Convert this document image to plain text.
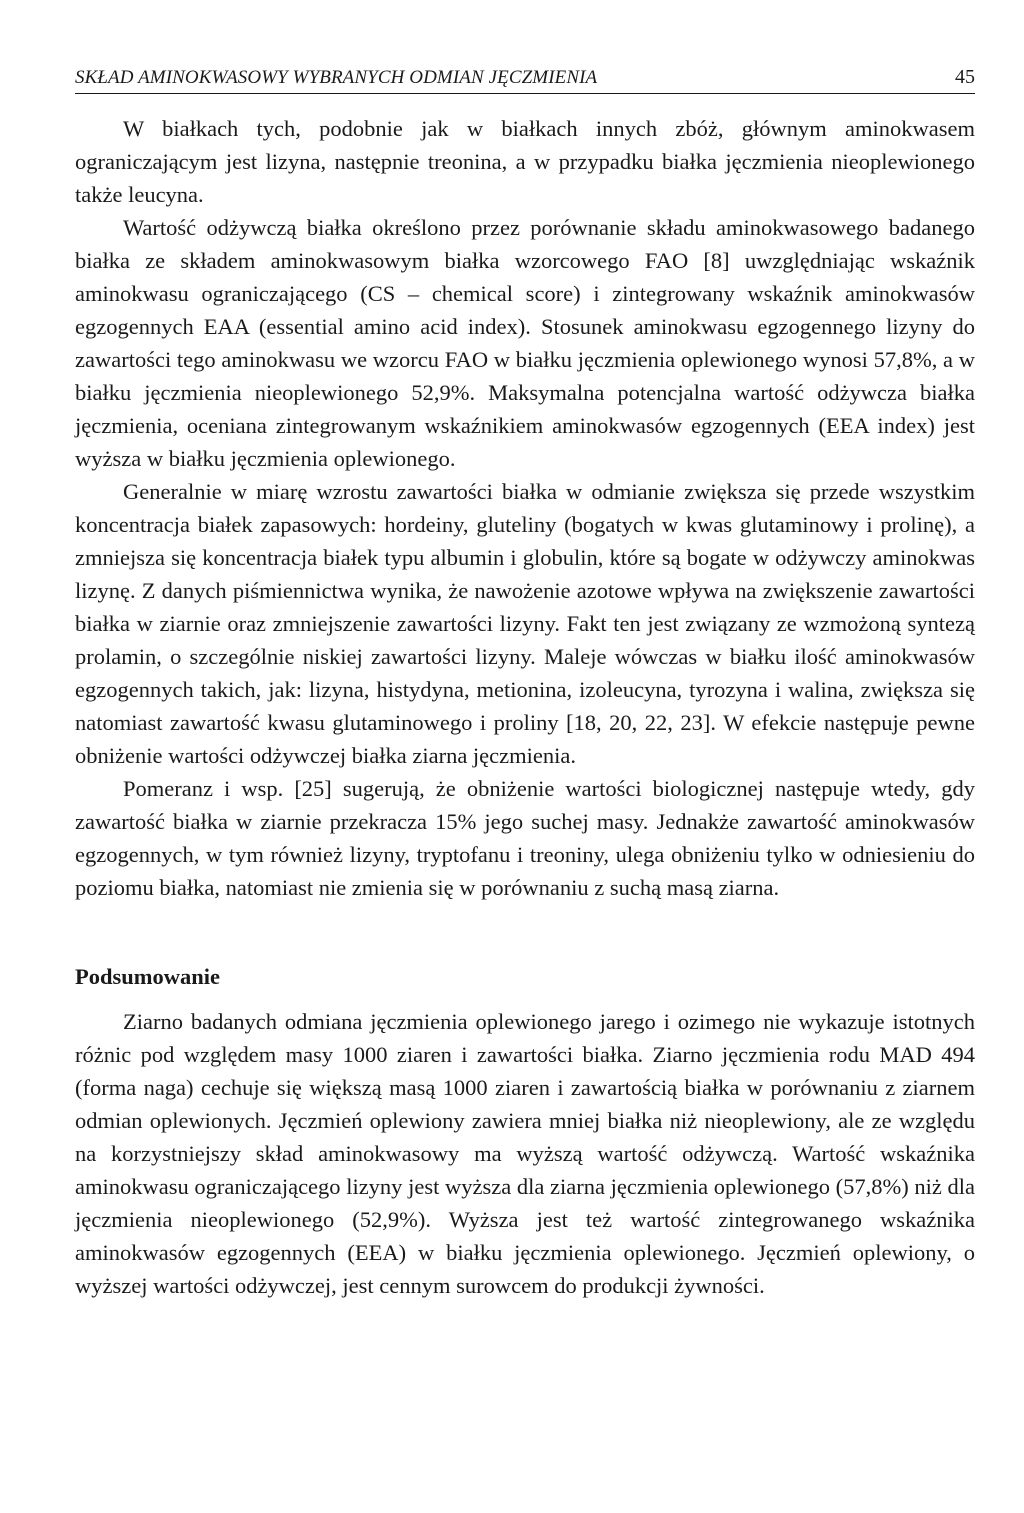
SKŁAD AMINOKWASOWY WYBRANYCH ODMIAN JĘCZMIENIA	45

W białkach tych, podobnie jak w białkach innych zbóż, głównym aminokwasem ograniczającym jest lizyna, następnie treonina, a w przypadku białka jęczmienia nieoplewionego także leucyna.

Wartość odżywczą białka określono przez porównanie składu aminokwasowego badanego białka ze składem aminokwasowym białka wzorcowego FAO [8] uwzględniając wskaźnik aminokwasu ograniczającego (CS – chemical score) i zintegrowany wskaźnik aminokwasów egzogennych EAA (essential amino acid index). Stosunek aminokwasu egzogennego lizyny do zawartości tego aminokwasu we wzorcu FAO w białku jęczmienia oplewionego wynosi 57,8%, a w białku jęczmienia nieoplewionego 52,9%. Maksymalna potencjalna wartość odżywcza białka jęczmienia, oceniana zintegrowanym wskaźnikiem aminokwasów egzogennych (EEA index) jest wyższa w białku jęczmienia oplewionego.

Generalnie w miarę wzrostu zawartości białka w odmianie zwiększa się przede wszystkim koncentracja białek zapasowych: hordeiny, gluteliny (bogatych w kwas glutaminowy i prolinę), a zmniejsza się koncentracja białek typu albumin i globulin, które są bogate w odżywczy aminokwas lizynę. Z danych piśmiennictwa wynika, że nawożenie azotowe wpływa na zwiększenie zawartości białka w ziarnie oraz zmniejszenie zawartości lizyny. Fakt ten jest związany ze wzmożoną syntezą prolamin, o szczególnie niskiej zawartości lizyny. Maleje wówczas w białku ilość aminokwasów egzogennych takich, jak: lizyna, histydyna, metionina, izoleucyna, tyrozyna i walina, zwiększa się natomiast zawartość kwasu glutaminowego i proliny [18, 20, 22, 23]. W efekcie następuje pewne obniżenie wartości odżywczej białka ziarna jęczmienia.

Pomeranz i wsp. [25] sugerują, że obniżenie wartości biologicznej następuje wtedy, gdy zawartość białka w ziarnie przekracza 15% jego suchej masy. Jednakże zawartość aminokwasów egzogennych, w tym również lizyny, tryptofanu i treoniny, ulega obniżeniu tylko w odniesieniu do poziomu białka, natomiast nie zmienia się w porównaniu z suchą masą ziarna.

Podsumowanie

Ziarno badanych odmiana jęczmienia oplewionego jarego i ozimego nie wykazuje istotnych różnic pod względem masy 1000 ziaren i zawartości białka. Ziarno jęczmienia rodu MAD 494 (forma naga) cechuje się większą masą 1000 ziaren i zawartością białka w porównaniu z ziarnem odmian oplewionych. Jęczmień oplewiony zawiera mniej białka niż nieoplewiony, ale ze względu na korzystniejszy skład aminokwasowy ma wyższą wartość odżywczą. Wartość wskaźnika aminokwasu ograniczającego lizyny jest wyższa dla ziarna jęczmienia oplewionego (57,8%) niż dla jęczmienia nieoplewionego (52,9%). Wyższa jest też wartość zintegrowanego wskaźnika aminokwasów egzogennych (EEA) w białku jęczmienia oplewionego. Jęczmień oplewiony, o wyższej wartości odżywczej, jest cennym surowcem do produkcji żywności.
